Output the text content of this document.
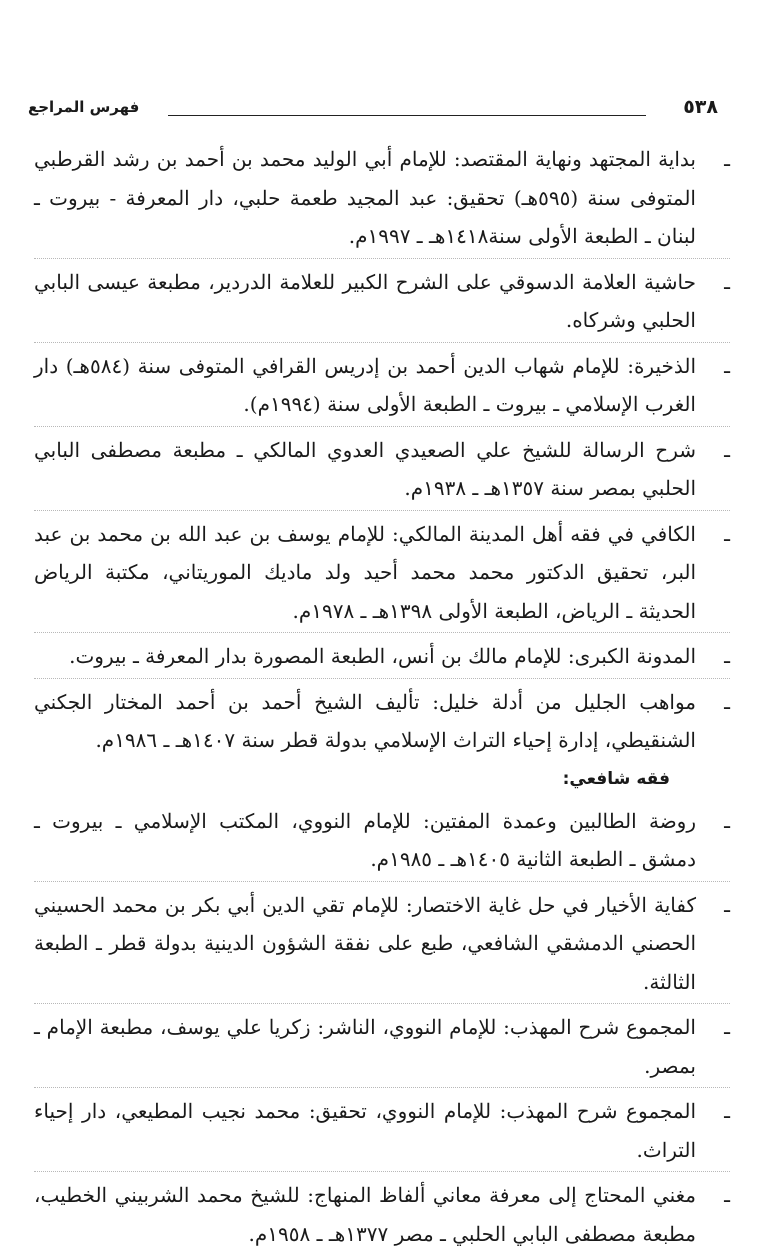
٥٣٨
فهرس المراجع
ـ
بداية المجتهد ونهاية المقتصد: للإمام أبي الوليد محمد بن أحمد بن رشد القرطبي المتوفى سنة (٥٩٥هـ) تحقيق: عبد المجيد طعمة حلبي، دار المعرفة - بيروت ـ لبنان ـ الطبعة الأولى سنة١٤١٨هـ ـ ١٩٩٧م.
ـ
حاشية العلامة الدسوقي على الشرح الكبير للعلامة الدردير، مطبعة عيسى البابي الحلبي وشركاه.
ـ
الذخيرة: للإمام شهاب الدين أحمد بن إدريس القرافي المتوفى سنة (٥٨٤هـ) دار الغرب الإسلامي ـ بيروت ـ الطبعة الأولى سنة (١٩٩٤م).
ـ
شرح الرسالة للشيخ علي الصعيدي العدوي المالكي ـ مطبعة مصطفى البابي الحلبي بمصر سنة ١٣٥٧هـ ـ ١٩٣٨م.
ـ
الكافي في فقه أهل المدينة المالكي: للإمام يوسف بن عبد الله بن محمد بن عبد البر، تحقيق الدكتور محمد محمد أحيد ولد ماديك الموريتاني، مكتبة الرياض الحديثة ـ الرياض، الطبعة الأولى ١٣٩٨هـ ـ ١٩٧٨م.
ـ
المدونة الكبرى: للإمام مالك بن أنس، الطبعة المصورة بدار المعرفة ـ بيروت.
ـ
مواهب الجليل من أدلة خليل: تأليف الشيخ أحمد بن أحمد المختار الجكني الشنقيطي، إدارة إحياء التراث الإسلامي بدولة قطر سنة ١٤٠٧هـ ـ ١٩٨٦م.
فقه شافعي:
ـ
روضة الطالبين وعمدة المفتين: للإمام النووي، المكتب الإسلامي ـ بيروت ـ دمشق ـ الطبعة الثانية ١٤٠٥هـ ـ ١٩٨٥م.
ـ
كفاية الأخيار في حل غاية الاختصار: للإمام تقي الدين أبي بكر بن محمد الحسيني الحصني الدمشقي الشافعي، طبع على نفقة الشؤون الدينية بدولة قطر ـ الطبعة الثالثة.
ـ
المجموع شرح المهذب: للإمام النووي، الناشر: زكريا علي يوسف، مطبعة الإمام ـ بمصر.
ـ
المجموع شرح المهذب: للإمام النووي، تحقيق: محمد نجيب المطيعي، دار إحياء التراث.
ـ
مغني المحتاج إلى معرفة معاني ألفاظ المنهاج: للشيخ محمد الشربيني الخطيب، مطبعة مصطفى البابي الحلبي ـ مصر ١٣٧٧هـ ـ ١٩٥٨م.
